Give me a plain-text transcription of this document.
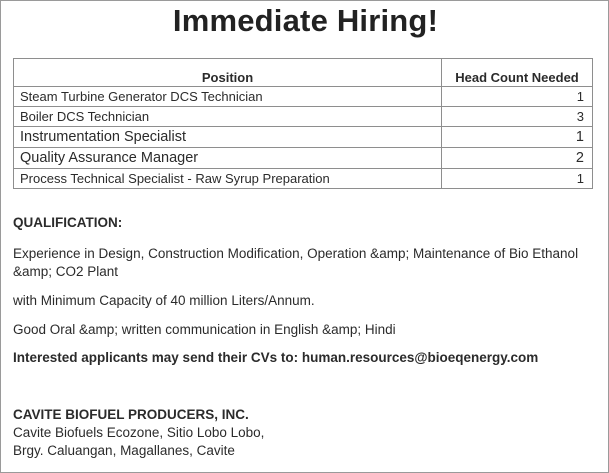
Immediate Hiring!
Position	Head Count Needed
Steam Turbine Generator DCS Technician	1
Boiler DCS Technician	3
Instrumentation Specialist	1
Quality Assurance Manager	2
Process Technical Specialist - Raw Syrup Preparation	1
QUALIFICATION:
Experience in Design, Construction Modification, Operation &amp; Maintenance of Bio Ethanol &amp; CO2 Plant
with Minimum Capacity of 40 million Liters/Annum.
Good Oral &amp; written communication in English &amp; Hindi
Interested applicants may send their CVs to: human.resources@bioeqenergy.com
CAVITE BIOFUEL PRODUCERS, INC.
Cavite Biofuels Ecozone, Sitio Lobo Lobo,
Brgy. Caluangan, Magallanes, Cavite
